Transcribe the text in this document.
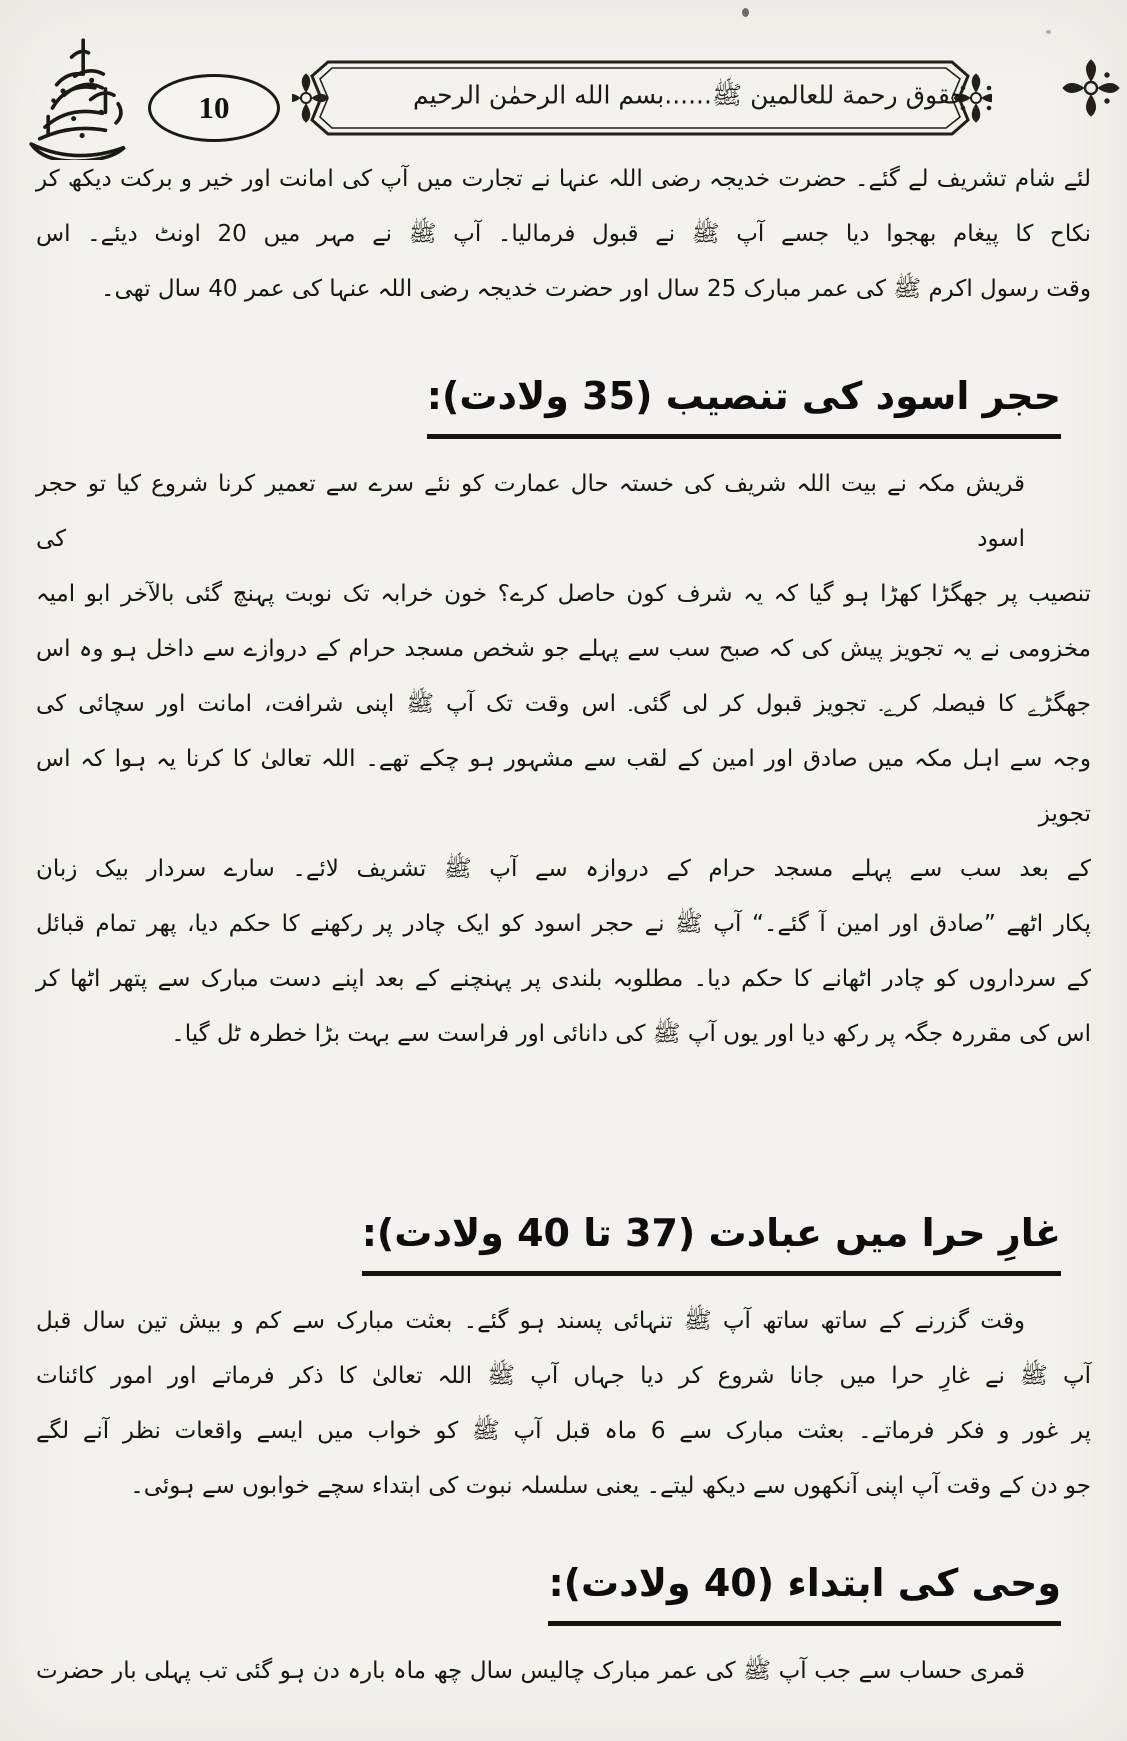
10	حقوق رحمة للعالمين ﷺ......بسم الله الرحمٰن الرحيم
لئے شام تشریف لے گئے۔ حضرت خدیجہ رضی اللہ عنہا نے تجارت میں آپ کی امانت اور خیر و برکت دیکھ کر
نکاح کا پیغام بھجوا دیا جسے آپ ﷺ نے قبول فرمالیا۔ آپ ﷺ نے مہر میں 20 اونٹ دیئے۔ اس
وقت رسول اکرم ﷺ کی عمر مبارک 25 سال اور حضرت خدیجہ رضی اللہ عنہا کی عمر 40 سال تھی۔
حجر اسود کی تنصیب (35 ولادت):
قریش مکہ نے بیت اللہ شریف کی خستہ حال عمارت کو نئے سرے سے تعمیر کرنا شروع کیا تو حجر اسود کی
تنصیب پر جھگڑا کھڑا ہو گیا کہ یہ شرف کون حاصل کرے؟ خون خرابہ تک نوبت پہنچ گئی بالآخر ابو امیہ
مخزومی نے یہ تجویز پیش کی کہ صبح سب سے پہلے جو شخص مسجد حرام کے دروازے سے داخل ہو وہ اس
جھگڑے کا فیصلہ کرے۔ تجویز قبول کر لی گئی۔ اس وقت تک آپ ﷺ اپنی شرافت، امانت اور سچائی کی
وجہ سے اہل مکہ میں صادق اور امین کے لقب سے مشہور ہو چکے تھے۔ اللہ تعالیٰ کا کرنا یہ ہوا کہ اس تجویز
کے بعد سب سے پہلے مسجد حرام کے دروازہ سے آپ ﷺ تشریف لائے۔ سارے سردار بیک زبان
پکار اٹھے ”صادق اور امین آ گئے۔“ آپ ﷺ نے حجر اسود کو ایک چادر پر رکھنے کا حکم دیا، پھر تمام قبائل
کے سرداروں کو چادر اٹھانے کا حکم دیا۔ مطلوبہ بلندی پر پہنچنے کے بعد اپنے دست مبارک سے پتھر اٹھا کر
اس کی مقررہ جگہ پر رکھ دیا اور یوں آپ ﷺ کی دانائی اور فراست سے بہت بڑا خطرہ ٹل گیا۔
غارِ حرا میں عبادت (37 تا 40 ولادت):
وقت گزرنے کے ساتھ ساتھ آپ ﷺ تنہائی پسند ہو گئے۔ بعثت مبارک سے کم و بیش تین سال قبل
آپ ﷺ نے غارِ حرا میں جانا شروع کر دیا جہاں آپ ﷺ اللہ تعالیٰ کا ذکر فرماتے اور امور کائنات
پر غور و فکر فرماتے۔ بعثت مبارک سے 6 ماہ قبل آپ ﷺ کو خواب میں ایسے واقعات نظر آنے لگے
جو دن کے وقت آپ اپنی آنکھوں سے دیکھ لیتے۔ یعنی سلسلہ نبوت کی ابتداء سچے خوابوں سے ہوئی۔
وحی کی ابتداء (40 ولادت):
قمری حساب سے جب آپ ﷺ کی عمر مبارک چالیس سال چھ ماہ بارہ دن ہو گئی تب پہلی بار حضرت
